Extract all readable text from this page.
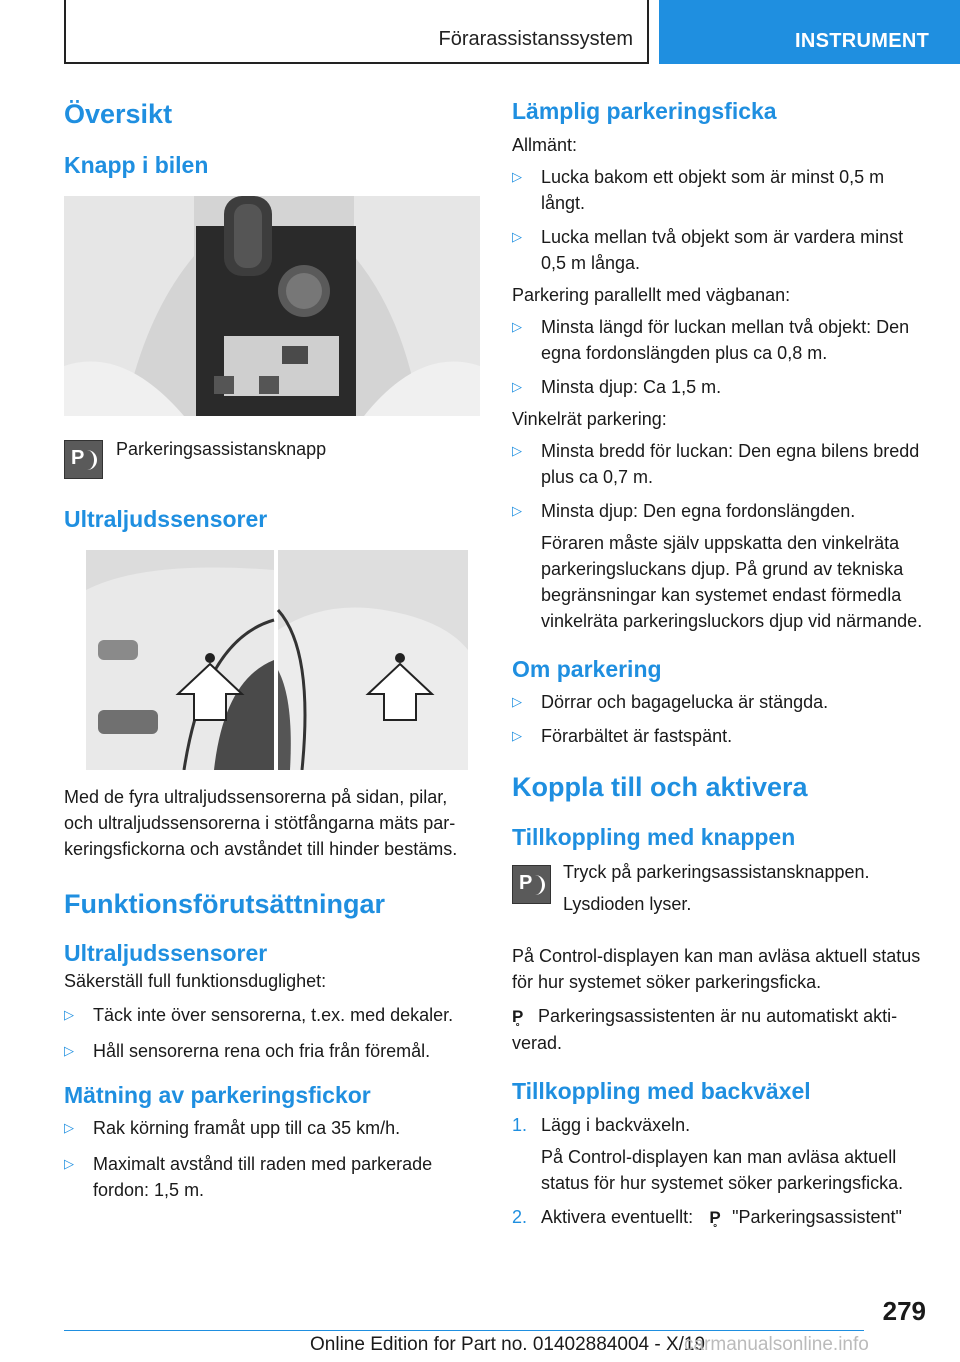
Förarassistanssystem	INSTRUMENT
Översikt
Knapp i bilen
P Parkeringsassistansknapp
Ultraljudssensorer

Med de fyra ultraljudssensorerna på sidan, pilar, och ultraljudssensorerna i stötfångarna mäts parkeringsfickorna och avståndet till hinder bestäms.

Funktionsförutsättningar
Ultraljudssensorer

Säkerställ full funktionsduglighet:

▷ Täck inte över sensorerna, t.ex. med dekaler.
▷ Håll sensorerna rena och fria från föremål.
Mätning av parkeringsfickor
▷ Rak körning framåt upp till ca 35 km/h.
▷ Maximalt avstånd till raden med parkerade fordon: 1,5 m.
Lämplig parkeringsficka

Allmänt:

▷ Lucka bakom ett objekt som är minst 0,5 m långt.
▷ Lucka mellan två objekt som är vardera minst 0,5 m långa.

Parkering parallellt med vägbanan:

▷ Minsta längd för luckan mellan två objekt: Den egna fordonslängden plus ca 0,8 m.
▷ Minsta djup: Ca 1,5 m.

Vinkelrät parkering:

▷ Minsta bredd för luckan: Den egna bilens bredd plus ca 0,7 m.
▷ Minsta djup: Den egna fordonslängden.
Föraren måste själv uppskatta den vinkelräta parkeringsluckans djup. På grund av tekniska begränsningar kan systemet endast förmedla vinkelräta parkeringsluckors djup vid närmande.
Om parkering
▷ Dörrar och bagagelucka är stängda.
▷ Förarbältet är fastspänt.
Koppla till och aktivera
Tillkoppling med knappen
P Tryck på parkeringsassistansknappen.

Lysdioden lyser.

På Control-displayen kan man avläsa aktuell status för hur systemet söker parkeringsficka.

P̥ Parkeringsassistenten är nu automatiskt aktiverad.

Tillkoppling med backväxel
1. Lägg i backväxeln.
På Control-displayen kan man avläsa aktuell status för hur systemet söker parkeringsficka.
2. Aktivera eventuellt: P̥ "Parkeringsassistent"
279
Online Edition for Part no. 01402884004 - X/19
carmanualsonline.info
